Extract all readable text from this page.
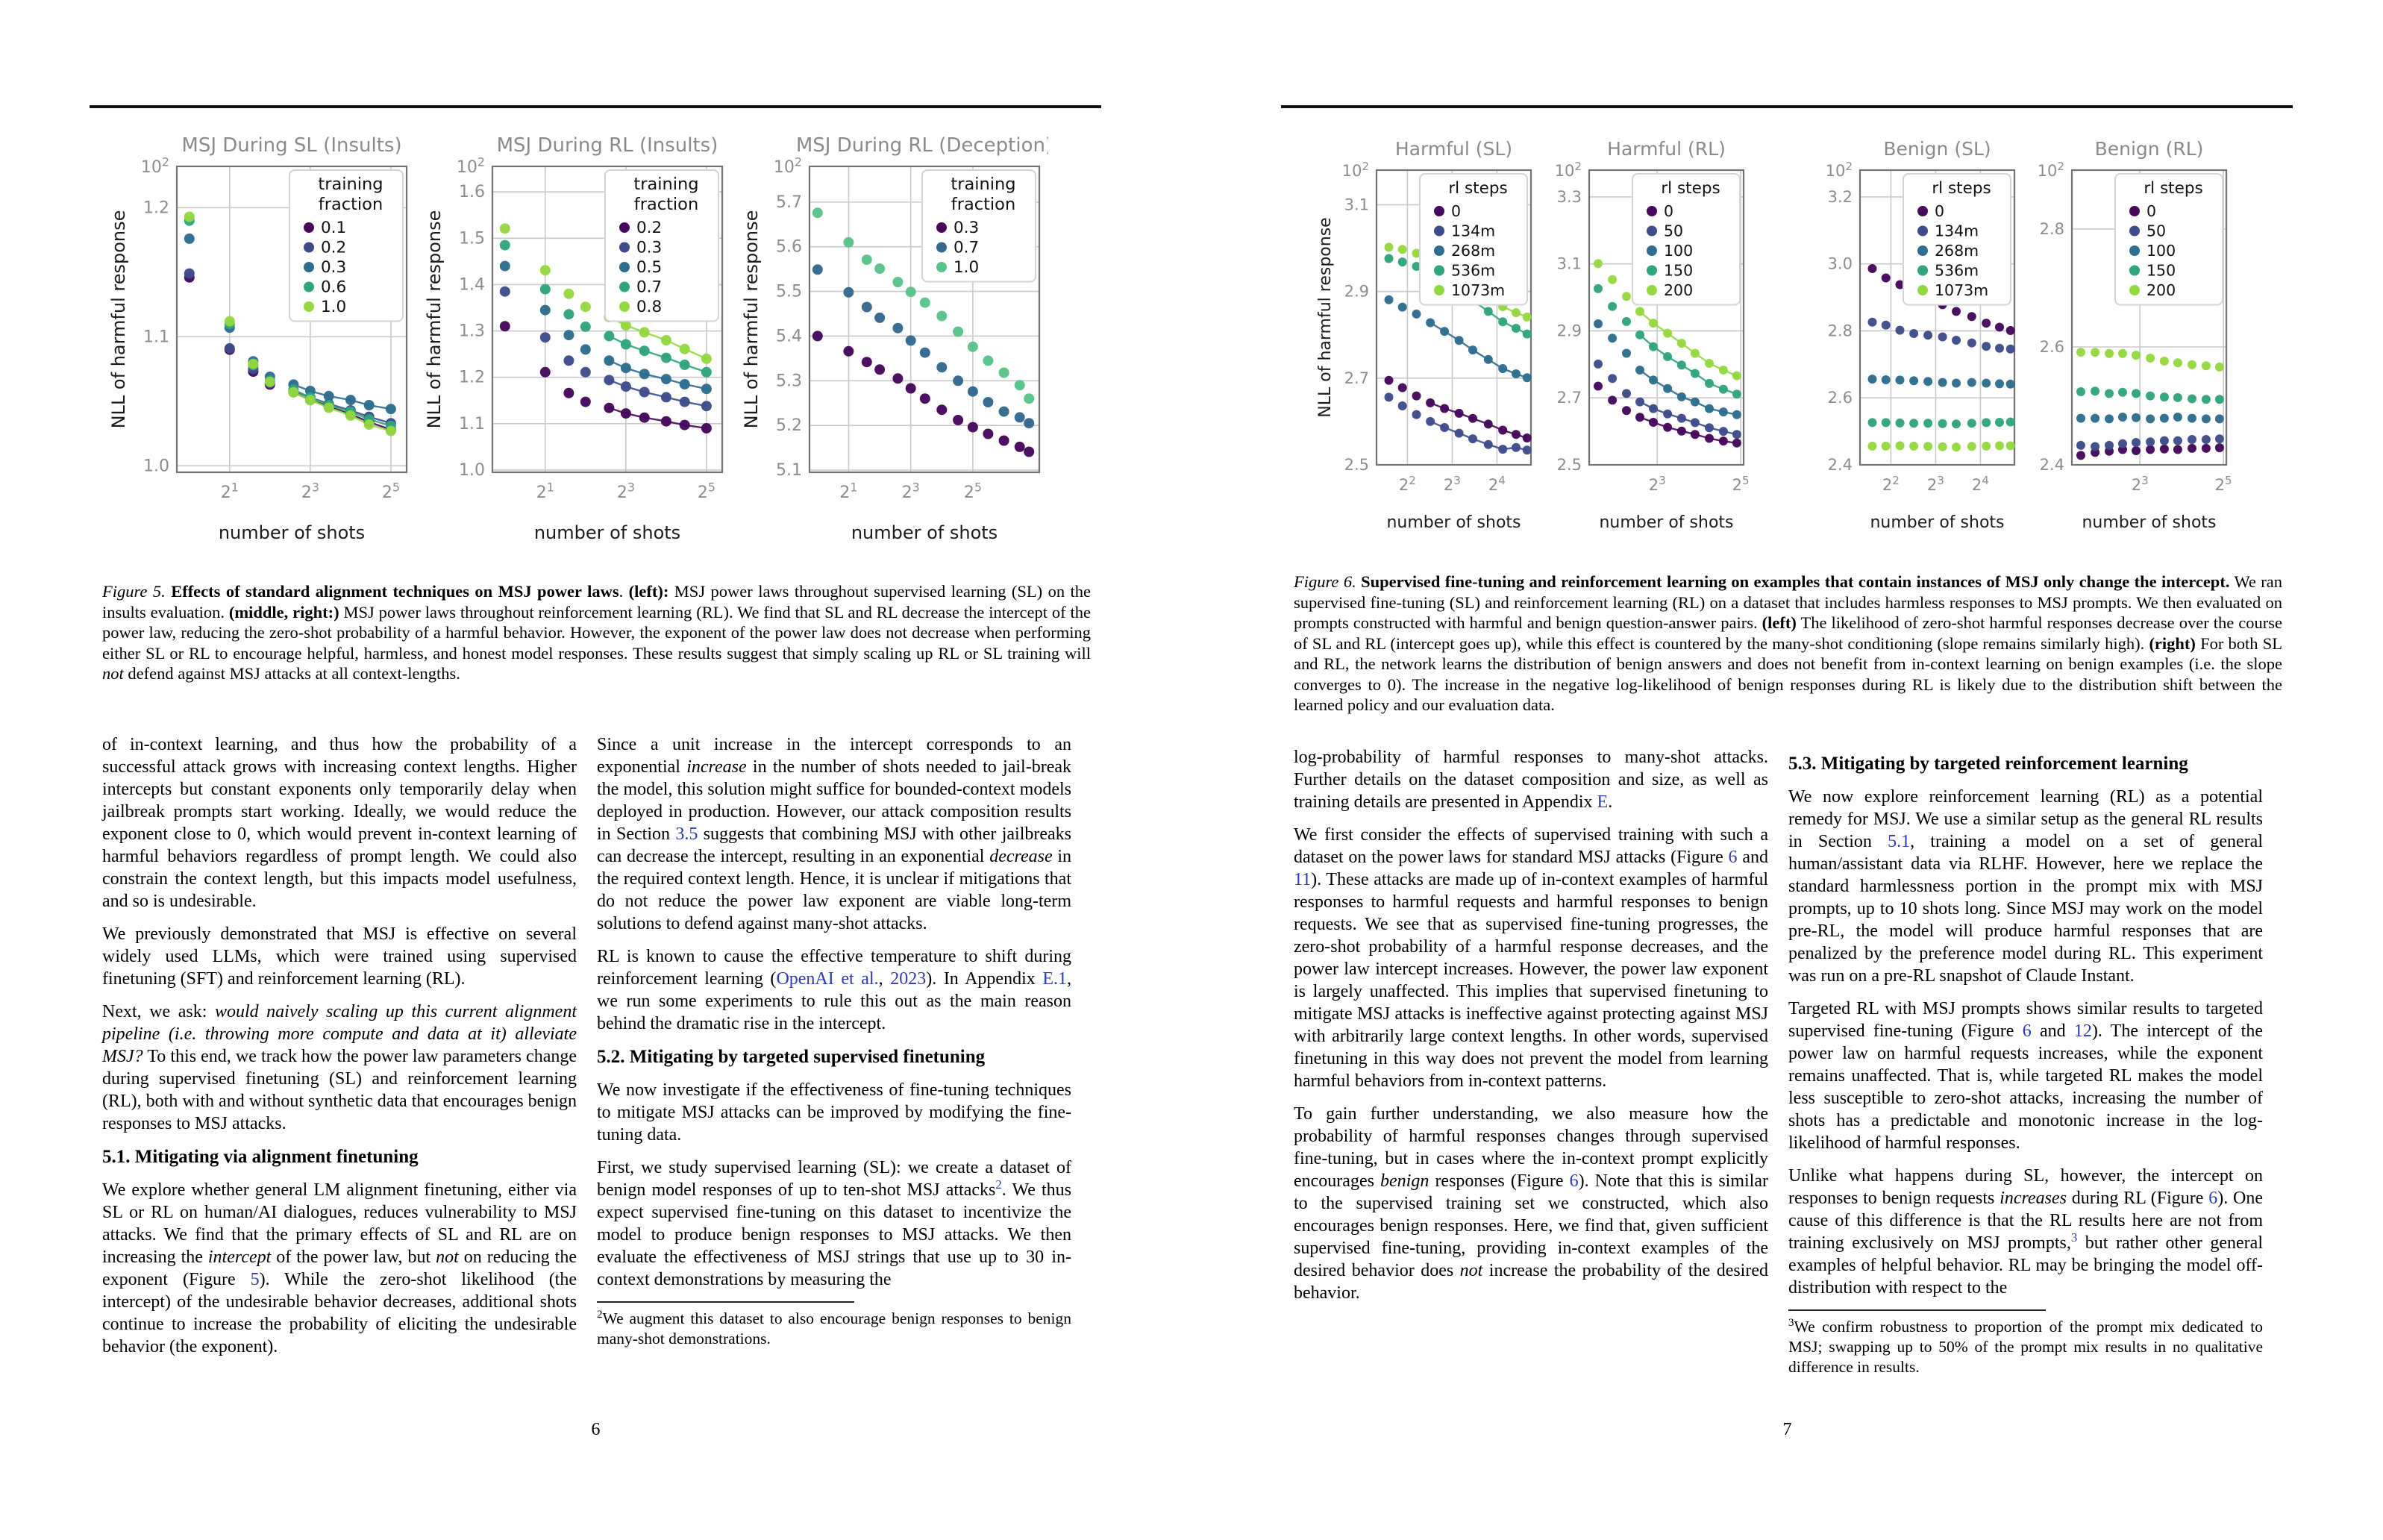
MSJ During SL (Insults)
$10^2$
1.2
1.1
1.0
$2^1$	$2^3$	$2^5$
number of shots
NLL of harmful response
training
fraction
0.1
0.2
0.3
0.6
1.0
MSJ During RL (Insults)
$10^2$
1.6
1.5
1.4
1.3
1.2
1.1
1.0
$2^1$	$2^3$	$2^5$
number of shots
NLL of harmful response
training
fraction
0.2
0.3
0.5
0.7
0.8
MSJ During RL (Deception)
$10^2$
5.7
5.6
5.5
5.4
5.3
5.2
5.1
$2^1$	$2^3$	$2^5$
number of shots
NLL of harmful response
training
fraction
0.3
0.7
1.0
Figure 5. Effects of standard alignment techniques on MSJ power laws. (left): MSJ power laws throughout supervised learning (SL) on the insults evaluation. (middle, right:) MSJ power laws throughout reinforcement learning (RL). We find that SL and RL decrease the intercept of the power law, reducing the zero-shot probability of a harmful behavior. However, the exponent of the power law does not decrease when performing either SL or RL to encourage helpful, harmless, and honest model responses. These results suggest that simply scaling up RL or SL training will not defend against MSJ attacks at all context-lengths.

of in-context learning, and thus how the probability of a successful attack grows with increasing context lengths. Higher intercepts but constant exponents only temporarily delay when jailbreak prompts start working. Ideally, we would reduce the exponent close to 0, which would prevent in-context learning of harmful behaviors regardless of prompt length. We could also constrain the context length, but this impacts model usefulness, and so is undesirable.

We previously demonstrated that MSJ is effective on several widely used LLMs, which were trained using supervised finetuning (SFT) and reinforcement learning (RL).

Next, we ask: would naively scaling up this current alignment pipeline (i.e. throwing more compute and data at it) alleviate MSJ? To this end, we track how the power law parameters change during supervised finetuning (SL) and reinforcement learning (RL), both with and without synthetic data that encourages benign responses to MSJ attacks.

5.1. Mitigating via alignment finetuning

We explore whether general LM alignment finetuning, either via SL or RL on human/AI dialogues, reduces vulnerability to MSJ attacks. We find that the primary effects of SL and RL are on increasing the intercept of the power law, but not on reducing the exponent (Figure 5). While the zero-shot likelihood (the intercept) of the undesirable behavior decreases, additional shots continue to increase the probability of eliciting the undesirable behavior (the exponent).

Since a unit increase in the intercept corresponds to an exponential increase in the number of shots needed to jail-break the model, this solution might suffice for bounded-context models deployed in production. However, our attack composition results in Section 3.5 suggests that combining MSJ with other jailbreaks can decrease the intercept, resulting in an exponential decrease in the required context length. Hence, it is unclear if mitigations that do not reduce the power law exponent are viable long-term solutions to defend against many-shot attacks.

RL is known to cause the effective temperature to shift during reinforcement learning (OpenAI et al., 2023). In Appendix E.1, we run some experiments to rule this out as the main reason behind the dramatic rise in the intercept.

5.2. Mitigating by targeted supervised finetuning

We now investigate if the effectiveness of fine-tuning techniques to mitigate MSJ attacks can be improved by modifying the fine-tuning data.

First, we study supervised learning (SL): we create a dataset of benign model responses of up to ten-shot MSJ attacks$^2$. We thus expect supervised fine-tuning on this dataset to incentivize the model to produce benign responses to MSJ attacks. We then evaluate the effectiveness of MSJ strings that use up to 30 in-context demonstrations by measuring the

$^2$We augment this dataset to also encourage benign responses to benign many-shot demonstrations.
6
Harmful (SL)
$10^2$
3.1
2.9
2.7
2.5
$2^2$ $2^3$ $2^4$
number of shots
NLL of harmful response
rl steps
0
134m
268m
536m
1073m
Harmful (RL)
$10^2$
3.3
3.1
2.9
2.7
2.5
$2^3$	$2^5$
number of shots
rl steps
0
50
100
150
200
Benign (SL)
$10^2$
3.2
3.0
2.8
2.6
2.4
$2^2$ $2^3$ $2^4$
number of shots
rl steps
0
134m
268m
536m
1073m
Benign (RL)
$10^2$
2.8
2.6
2.4
$2^3$	$2^5$
number of shots
rl steps
0
50
100
150
200
Figure 6. Supervised fine-tuning and reinforcement learning on examples that contain instances of MSJ only change the intercept. We ran supervised fine-tuning (SL) and reinforcement learning (RL) on a dataset that includes harmless responses to MSJ prompts. We then evaluated on prompts constructed with harmful and benign question-answer pairs. (left) The likelihood of zero-shot harmful responses decrease over the course of SL and RL (intercept goes up), while this effect is countered by the many-shot conditioning (slope remains similarly high). (right) For both SL and RL, the network learns the distribution of benign answers and does not benefit from in-context learning on benign examples (i.e. the slope converges to 0). The increase in the negative log-likelihood of benign responses during RL is likely due to the distribution shift between the learned policy and our evaluation data.

log-probability of harmful responses to many-shot attacks. Further details on the dataset composition and size, as well as training details are presented in Appendix E.

We first consider the effects of supervised training with such a dataset on the power laws for standard MSJ attacks (Figure 6 and 11). These attacks are made up of in-context examples of harmful responses to harmful requests and harmful responses to benign requests. We see that as supervised fine-tuning progresses, the zero-shot probability of a harmful response decreases, and the power law intercept increases. However, the power law exponent is largely unaffected. This implies that supervised finetuning to mitigate MSJ attacks is ineffective against protecting against MSJ with arbitrarily large context lengths. In other words, supervised finetuning in this way does not prevent the model from learning harmful behaviors from in-context patterns.

To gain further understanding, we also measure how the probability of harmful responses changes through supervised fine-tuning, but in cases where the in-context prompt explicitly encourages benign responses (Figure 6). Note that this is similar to the supervised training set we constructed, which also encourages benign responses. Here, we find that, given sufficient supervised fine-tuning, providing in-context examples of the desired behavior does not increase the probability of the desired behavior.

5.3. Mitigating by targeted reinforcement learning

We now explore reinforcement learning (RL) as a potential remedy for MSJ. We use a similar setup as the general RL results in Section 5.1, training a model on a set of general human/assistant data via RLHF. However, here we replace the standard harmlessness portion in the prompt mix with MSJ prompts, up to 10 shots long. Since MSJ may work on the model pre-RL, the model will produce harmful responses that are penalized by the preference model during RL. This experiment was run on a pre-RL snapshot of Claude Instant.

Targeted RL with MSJ prompts shows similar results to targeted supervised fine-tuning (Figure 6 and 12). The intercept of the power law on harmful requests increases, while the exponent remains unaffected. That is, while targeted RL makes the model less susceptible to zero-shot attacks, increasing the number of shots has a predictable and monotonic increase in the log-likelihood of harmful responses.

Unlike what happens during SL, however, the intercept on responses to benign requests increases during RL (Figure 6). One cause of this difference is that the RL results here are not from training exclusively on MSJ prompts,$^3$ but rather other general examples of helpful behavior. RL may be bringing the model off-distribution with respect to the

$^3$We confirm robustness to proportion of the prompt mix dedicated to MSJ; swapping up to 50% of the prompt mix results in no qualitative difference in results.
7
